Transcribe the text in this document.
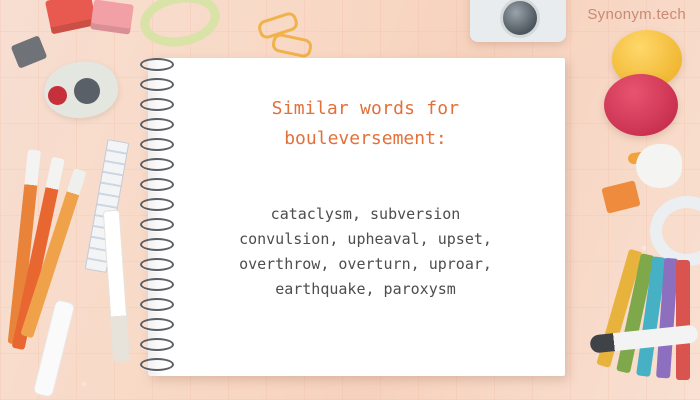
Synonym.tech
Similar words for
bouleversement:
cataclysm, subversion
convulsion, upheaval, upset,
overthrow, overturn, uproar,
earthquake, paroxysm
